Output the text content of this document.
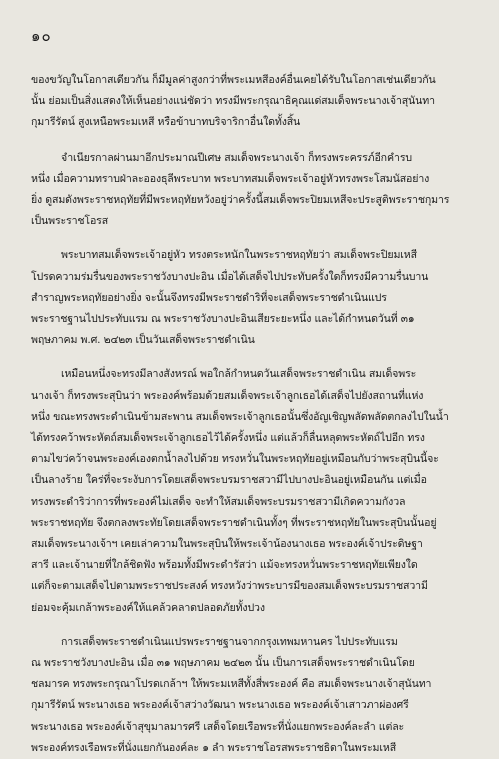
๑๐
ของขวัญในโอกาสเดียวกัน ก็มีมูลค่าสูงกว่าที่พระเมหสีองค์อื่นเคยได้รับในโอกาสเช่นเดียวกัน
นั้น ย่อมเป็นสิ่งแสดงให้เห็นอย่างแน่ชัดว่า ทรงมีพระกรุณาธิคุณแด่สมเด็จพระนางเจ้าสุนันทา
กุมารีรัตน์ สูงเหนือพระมเหสี หรือข้าบาทบริจาริกาอื่นใดทั้งสิ้น
จำเนียรกาลผ่านมาอีกประมาณปีเศษ สมเด็จพระนางเจ้า ก็ทรงพระครรภ์อีกคำรบ
หนึ่ง เมื่อความทราบฝ่าละอองธุลีพระบาท พระบาทสมเด็จพระเจ้าอยู่หัวทรงพระโสมนัสอย่าง
ยิ่ง ดูสมดังพระราชหฤทัยที่มีพระหฤทัยหวังอยู่ว่าครั้งนี้สมเด็จพระปิยมเหสีจะประสูติพระราชกุมาร
เป็นพระราชโอรส
พระบาทสมเด็จพระเจ้าอยู่หัว ทรงตระหนักในพระราชหฤทัยว่า สมเด็จพระปิยมเหสี
โปรดความร่มรื่นของพระราชวังบางปะอิน เมื่อได้เสด็จไปประทับครั้งใดก็ทรงมีความรื่นบาน
สำราญพระหฤทัยอย่างยิ่ง จะนั้นจึงทรงมีพระราชดำริที่จะเสด็จพระราชดำเนินแปร
พระราชฐานไปประทับแรม ณ พระราชวังบางปะอินเสียระยะหนึ่ง และได้กำหนดวันที่ ๓๑
พฤษภาคม พ.ศ. ๒๔๒๓ เป็นวันเสด็จพระราชดำเนิน
เหมือนหนึ่งจะทรงมีลางสังหรณ์ พอใกล้กำหนดวันเสด็จพระราชดำเนิน สมเด็จพระ
นางเจ้า ก็ทรงพระสุบินว่า พระองค์พร้อมด้วยสมเด็จพระเจ้าลูกเธอได้เสด็จไปยังสถานที่แห่ง
หนึ่ง ขณะทรงพระดำเนินข้ามสะพาน สมเด็จพระเจ้าลูกเธอนั้นซึ่งอัญเชิญพลัดพลัดตกลงไปในน้ำ
ได้ทรงคว้าพระหัตถ์สมเด็จพระเจ้าลูกเธอไว้ได้ครั้งหนึ่ง แต่แล้วก็ลื่นหลุดพระหัตถ์ไปอีก ทรง
ตามไขว่คว้าจนพระองค์เองตกน้ำลงไปด้วย ทรงหวั่นในพระหฤทัยอยู่เหมือนกับว่าพระสุบินนี้จะ
เป็นลางร้าย ใคร่ที่จะระงับการโดยเสด็จพระบรมราชสวามีไปบางปะอินอยู่เหมือนกัน แต่เมื่อ
ทรงพระดำริว่าการที่พระองค์ไม่เสด็จ จะทำให้สมเด็จพระบรมราชสวามีเกิดความกังวล
พระราชหฤทัย จึงตกลงพระทัยโดยเสด็จพระราชดำเนินทั้งๆ ที่พระราชหฤทัยในพระสุบินนั้นอยู่
สมเด็จพระนางเจ้าฯ เคยเล่าความในพระสุบินให้พระเจ้าน้องนางเธอ พระองค์เจ้าประดิษฐา
สารี และเจ้านายที่ใกล้ชิดฟัง พร้อมทั้งมีพระดำรัสว่า แม้จะทรงหวั่นพระราชหฤทัยเพียงใด
แต่ก็จะตามเสด็จไปตามพระราชประสงค์ ทรงหวังว่าพระบารมีของสมเด็จพระบรมราชสวามี
ย่อมจะคุ้มเกล้าพระองค์ให้แคล้วคลาดปลอดภัยทั้งปวง
การเสด็จพระราชดำเนินแปรพระราชฐานจากกรุงเทพมหานคร ไปประทับแรม
ณ พระราชวังบางปะอิน เมื่อ ๓๑ พฤษภาคม ๒๔๒๓ นั้น เป็นการเสด็จพระราชดำเนินโดย
ชลมารค ทรงพระกรุณาโปรดเกล้าฯ ให้พระมเหสีทั้งสี่พระองค์ คือ สมเด็จพระนางเจ้าสุนันทา
กุมารีรัตน์ พระนางเธอ พระองค์เจ้าสว่างวัฒนา พระนางเธอ พระองค์เจ้าเสาวภาผ่องศรี
พระนางเธอ พระองค์เจ้าสุขุมาลมารศรี เสด็จโดยเรือพระที่นั่งแยกพระองค์ละลำ แต่ละ
พระองค์ทรงเรือพระที่นั่งแยกกันองค์ละ ๑ ลำ พระราชโอรสพระราชธิดาในพระมเหสี
